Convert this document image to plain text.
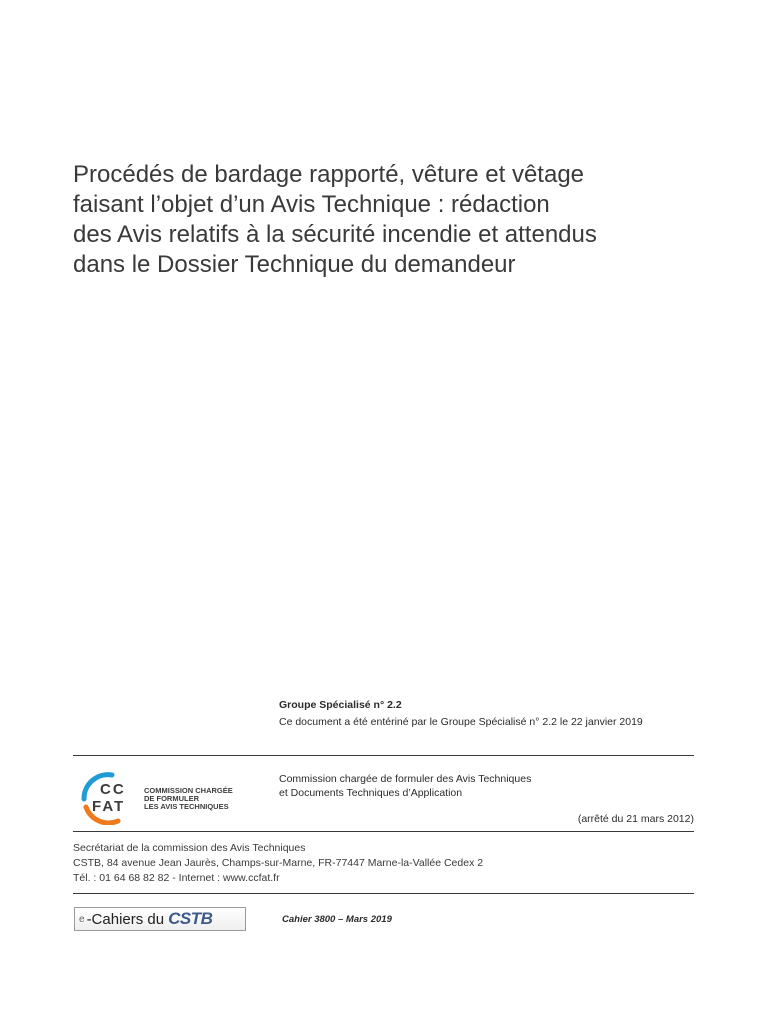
Procédés de bardage rapporté, vêture et vêtage
faisant l’objet d’un Avis Technique : rédaction
des Avis relatifs à la sécurité incendie et attendus
dans le Dossier Technique du demandeur
Groupe Spécialisé n° 2.2
Ce document a été entériné par le Groupe Spécialisé n° 2.2 le 22 janvier 2019
CC
FAT
COMMISSION CHARGÉE
DE FORMULER
LES AVIS TECHNIQUES
Commission chargée de formuler des Avis Techniques
et Documents Techniques d’Application
(arrêté du 21 mars 2012)
Secrétariat de la commission des Avis Techniques
CSTB, 84 avenue Jean Jaurès, Champs-sur-Marne, FR-77447 Marne-la-Vallée Cedex 2
Tél. : 01 64 68 82 82 - Internet : www.ccfat.fr
e -Cahiers du CSTB	Cahier 3800 – Mars 2019
